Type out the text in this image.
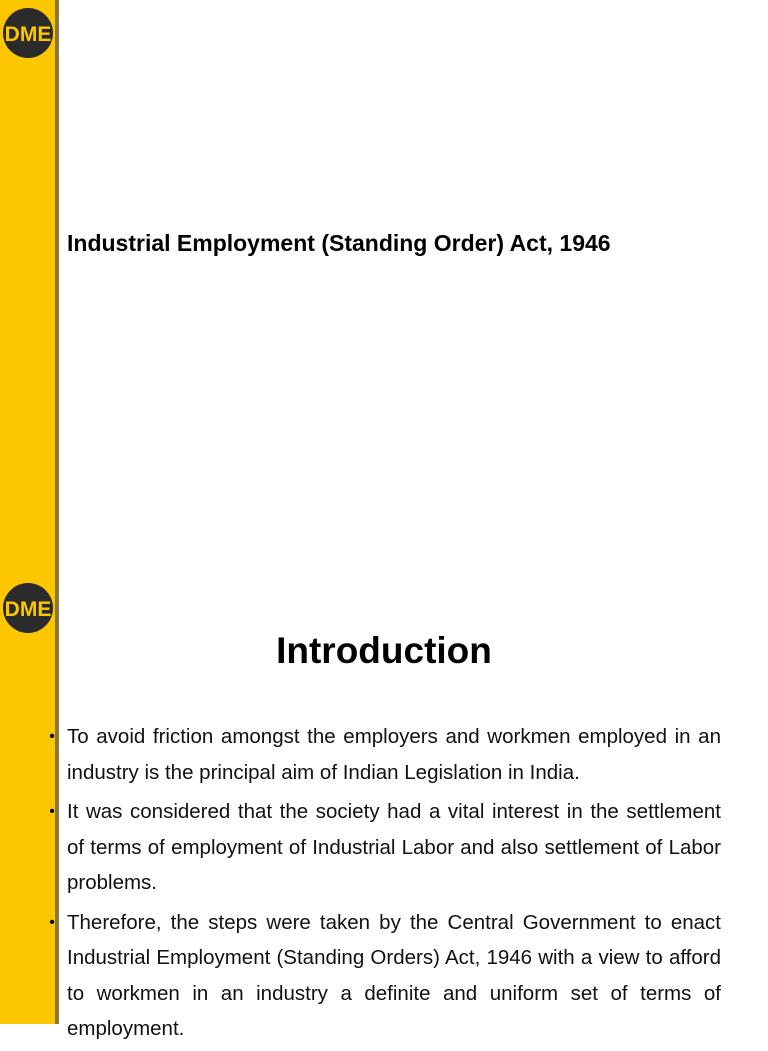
DME
Industrial Employment (Standing Order) Act, 1946
DME
Introduction
• To avoid friction amongst the employers and workmen employed in an industry is the principal aim of Indian Legislation in India.
• It was considered that the society had a vital interest in the settlement of terms of employment of Industrial Labor and also settlement of Labor problems.
• Therefore, the steps were taken by the Central Government to enact Industrial Employment (Standing Orders) Act, 1946 with a view to afford to workmen in an industry a definite and uniform set of terms of employment.
